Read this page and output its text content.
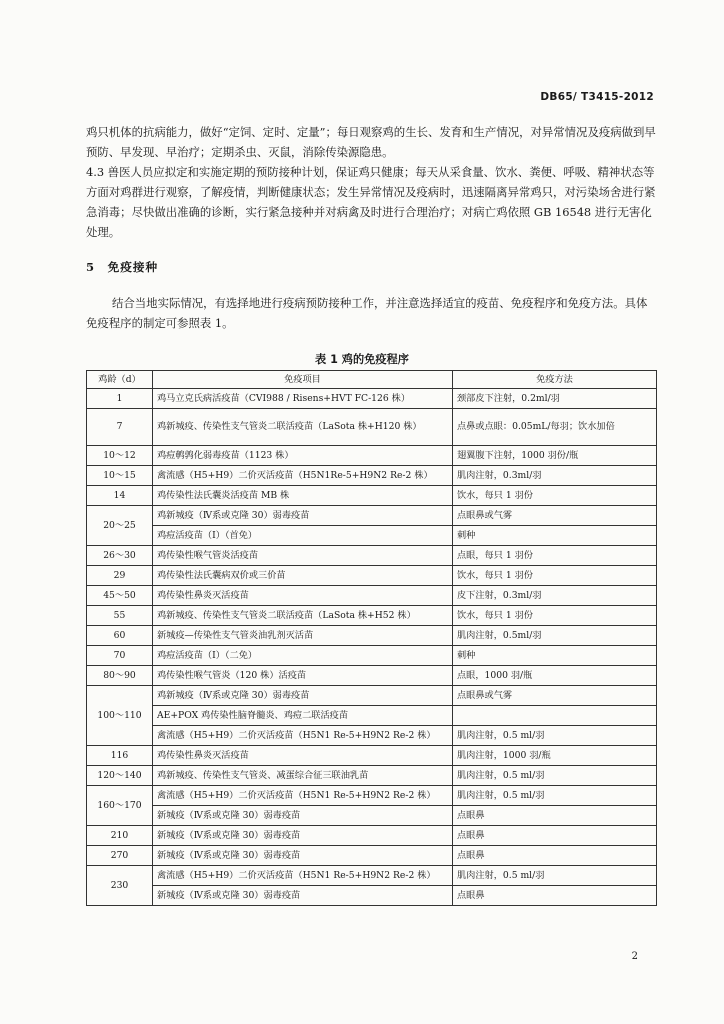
DB65/ T3415-2012

鸡只机体的抗病能力，做好“定饲、定时、定量”；每日观察鸡的生长、发育和生产情况，对异常情况及疫病做到早预防、早发现、早治疗；定期杀虫、灭鼠，消除传染源隐患。

4.3 兽医人员应拟定和实施定期的预防接种计划，保证鸡只健康；每天从采食量、饮水、粪便、呼吸、精神状态等方面对鸡群进行观察，了解疫情，判断健康状态；发生异常情况及疫病时，迅速隔离异常鸡只，对污染场舍进行紧急消毒；尽快做出准确的诊断，实行紧急接种并对病禽及时进行合理治疗；对病亡鸡依照 GB 16548 进行无害化处理。

5　免疫接种

结合当地实际情况，有选择地进行疫病预防接种工作，并注意选择适宜的疫苗、免疫程序和免疫方法。具体免疫程序的制定可参照表 1。

表 1 鸡的免疫程序
鸡龄（d）	免疫项目	免疫方法
1	鸡马立克氏病活疫苗（CVI988 / Risens+HVT FC-126 株）	颈部皮下注射，0.2ml/羽
7	鸡新城疫、传染性支气管炎二联活疫苗（LaSota 株+H120 株）	点鼻或点眼：0.05mL/每羽；饮水加倍
10～12	鸡痘鹌鹑化弱毒疫苗（1123 株）	翅翼腹下注射，1000 羽份/瓶
10～15	禽流感（H5+H9）二价灭活疫苗（H5N1Re-5+H9N2 Re-2 株）	肌肉注射，0.3ml/羽
14	鸡传染性法氏囊炎活疫苗 MB 株	饮水，每只 1 羽份
20～25	鸡新城疫（Ⅳ系或克隆 30）弱毒疫苗	点眼鼻或气雾
	鸡痘活疫苗（Ⅰ）（首免）	刺种
26～30	鸡传染性喉气管炎活疫苗	点眼，每只 1 羽份
29	鸡传染性法氏囊病双价或三价苗	饮水，每只 1 羽份
45～50	鸡传染性鼻炎灭活疫苗	皮下注射，0.3ml/羽
55	鸡新城疫、传染性支气管炎二联活疫苗（LaSota 株+H52 株）	饮水，每只 1 羽份
60	新城疫—传染性支气管炎油乳剂灭活苗	肌肉注射，0.5ml/羽
70	鸡痘活疫苗（Ⅰ）（二免）	刺种
80～90	鸡传染性喉气管炎（120 株）活疫苗	点眼，1000 羽/瓶
100～110	鸡新城疫（Ⅳ系或克隆 30）弱毒疫苗	点眼鼻或气雾
	AE+POX 鸡传染性脑脊髓炎、鸡痘二联活疫苗	
	禽流感（H5+H9）二价灭活疫苗（H5N1 Re-5+H9N2 Re-2 株）	肌肉注射，0.5 ml/羽
116	鸡传染性鼻炎灭活疫苗	肌肉注射，1000 羽/瓶
120～140	鸡新城疫、传染性支气管炎、减蛋综合征三联油乳苗	肌肉注射，0.5 ml/羽
160～170	禽流感（H5+H9）二价灭活疫苗（H5N1 Re-5+H9N2 Re-2 株）	肌肉注射，0.5 ml/羽
	新城疫（Ⅳ系或克隆 30）弱毒疫苗	点眼鼻
210	新城疫（Ⅳ系或克隆 30）弱毒疫苗	点眼鼻
270	新城疫（Ⅳ系或克隆 30）弱毒疫苗	点眼鼻
230	禽流感（H5+H9）二价灭活疫苗（H5N1 Re-5+H9N2 Re-2 株）	肌肉注射，0.5 ml/羽
	新城疫（Ⅳ系或克隆 30）弱毒疫苗	点眼鼻
2
